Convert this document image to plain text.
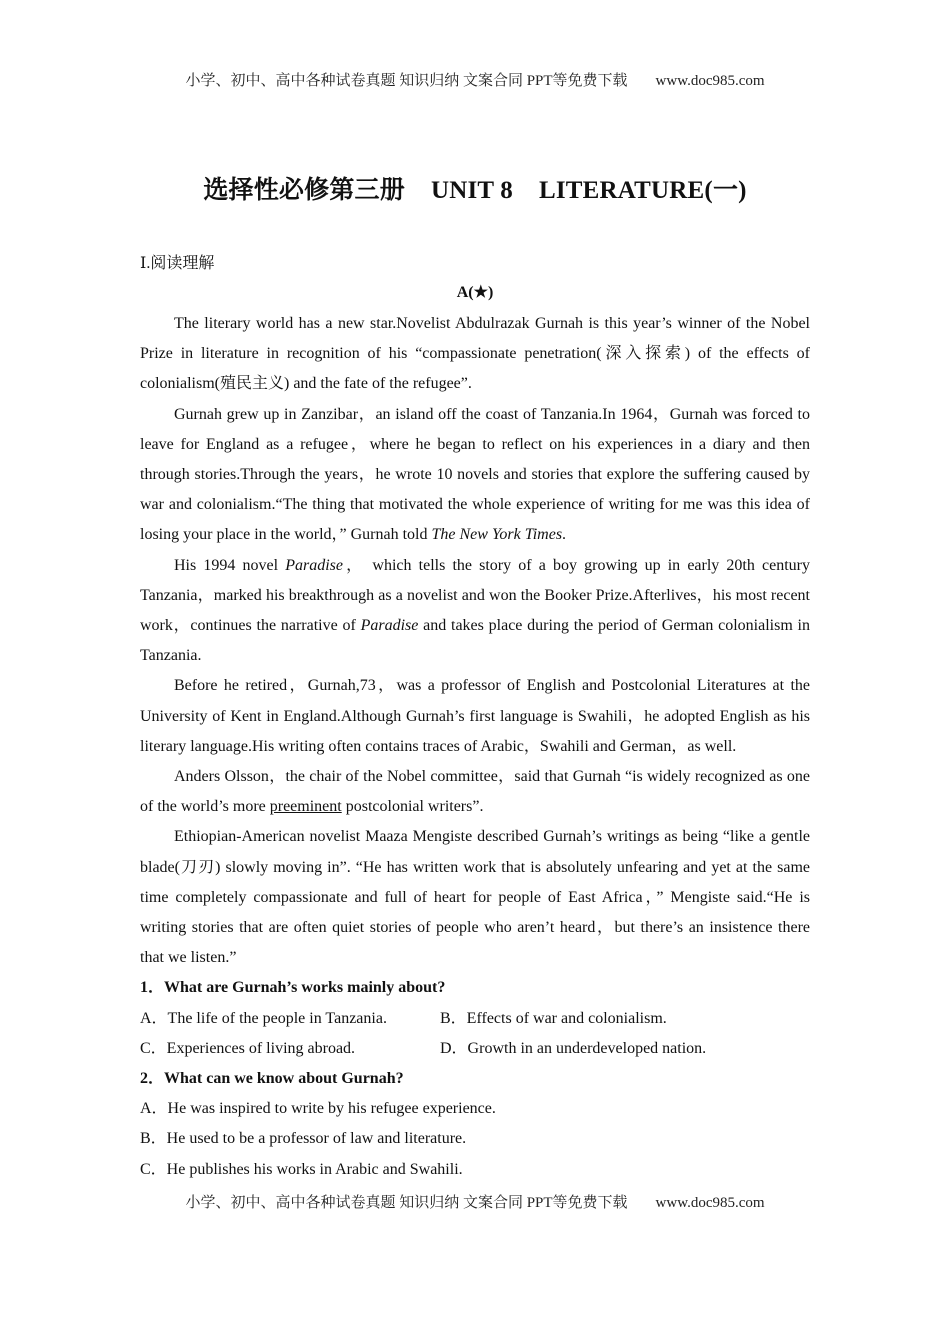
小学、初中、高中各种试卷真题 知识归纳 文案合同 PPT等免费下载 www.doc985.com
选择性必修第三册 UNIT 8 LITERATURE(一)
Ⅰ.阅读理解
A(★)

The literary world has a new star.Novelist Abdulrazak Gurnah is this year’s winner of the Nobel Prize in literature in recognition of his “compassionate penetration(深入探索) of the effects of colonialism(殖民主义) and the fate of the refugee”.

Gurnah grew up in Zanzibar，an island off the coast of Tanzania.In 1964，Gurnah was forced to leave for England as a refugee，where he began to reflect on his experiences in a diary and then through stories.Through the years，he wrote 10 novels and stories that explore the suffering caused by war and colonialism.“The thing that motivated the whole experience of writing for me was this idea of losing your place in the world，” Gurnah told The New York Times.

His 1994 novel Paradise， which tells the story of a boy growing up in early 20th century Tanzania，marked his breakthrough as a novelist and won the Booker Prize.Afterlives，his most recent work，continues the narrative of Paradise and takes place during the period of German colonialism in Tanzania.

Before he retired，Gurnah,73，was a professor of English and Postcolonial Literatures at the University of Kent in England.Although Gurnah’s first language is Swahili，he adopted English as his literary language.His writing often contains traces of Arabic，Swahili and German，as well.

Anders Olsson，the chair of the Nobel committee，said that Gurnah “is widely recognized as one of the world’s more preeminent postcolonial writers”.

Ethiopian-American novelist Maaza Mengiste described Gurnah’s writings as being “like a gentle blade(刀刃) slowly moving in”. “He has written work that is absolutely unfearing and yet at the same time completely compassionate and full of heart for people of East Africa，” Mengiste said.“He is writing stories that are often quiet stories of people who aren’t heard，but there’s an insistence there that we listen.”

1．What are Gurnah’s works mainly about?

A．The life of the people in Tanzania.	B．Effects of war and colonialism.

C．Experiences of living abroad.	D．Growth in an underdeveloped nation.

2．What can we know about Gurnah?

A．He was inspired to write by his refugee experience.

B．He used to be a professor of law and literature.

C．He publishes his works in Arabic and Swahili.

小学、初中、高中各种试卷真题 知识归纳 文案合同 PPT等免费下载 www.doc985.com
